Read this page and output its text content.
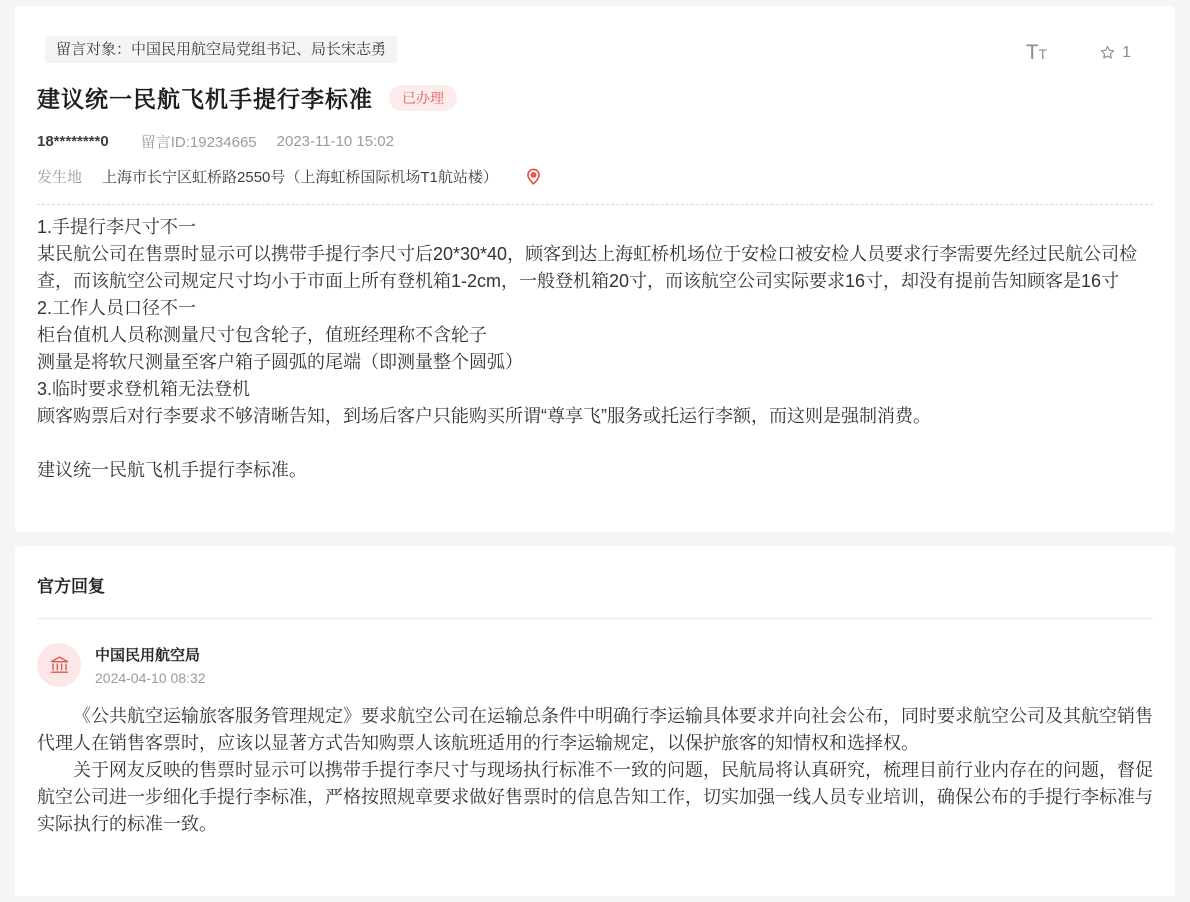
留言对象：中国民用航空局党组书记、局长宋志勇	TT	1
建议统一民航飞机手提行李标准	已办理
18********0 留言ID:19234665 2023-11-10 15:02
发生地 上海市长宁区虹桥路2550号（上海虹桥国际机场T1航站楼）
1.手提行李尺寸不一
某民航公司在售票时显示可以携带手提行李尺寸后20*30*40，顾客到达上海虹桥机场位于安检口被安检人员要求行李需要先经过民航公司检查，而该航空公司规定尺寸均小于市面上所有登机箱1-2cm，一般登机箱20寸，而该航空公司实际要求16寸，却没有提前告知顾客是16寸
2.工作人员口径不一
柜台值机人员称测量尺寸包含轮子，值班经理称不含轮子
测量是将软尺测量至客户箱子圆弧的尾端（即测量整个圆弧）
3.临时要求登机箱无法登机
顾客购票后对行李要求不够清晰告知，到场后客户只能购买所谓“尊享飞”服务或托运行李额，而这则是强制消费。

建议统一民航飞机手提行李标准。
官方回复
中国民用航空局
2024-04-10 08:32

《公共航空运输旅客服务管理规定》要求航空公司在运输总条件中明确行李运输具体要求并向社会公布，同时要求航空公司及其航空销售代理人在销售客票时，应该以显著方式告知购票人该航班适用的行李运输规定，以保护旅客的知情权和选择权。

关于网友反映的售票时显示可以携带手提行李尺寸与现场执行标准不一致的问题，民航局将认真研究，梳理目前行业内存在的问题，督促航空公司进一步细化手提行李标准，严格按照规章要求做好售票时的信息告知工作，切实加强一线人员专业培训，确保公布的手提行李标准与实际执行的标准一致。
